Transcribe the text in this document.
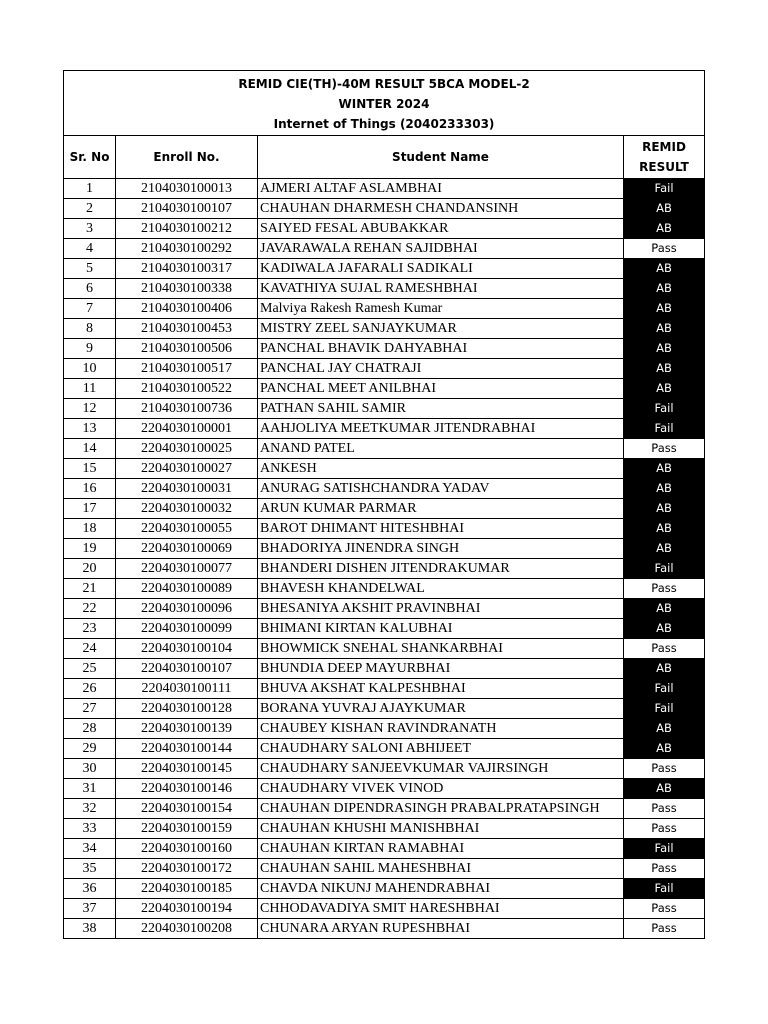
REMID CIE(TH)-40M RESULT 5BCA MODEL-2
WINTER 2024
Internet of Things (2040233303)			

Sr. No	Enroll No.	Student Name	REMID
RESULT

1	2104030100013	AJMERI ALTAF ASLAMBHAI	Fail
2	2104030100107	CHAUHAN DHARMESH CHANDANSINH	AB
3	2104030100212	SAIYED FESAL ABUBAKKAR	AB
4	2104030100292	JAVARAWALA REHAN SAJIDBHAI	Pass
5	2104030100317	KADIWALA JAFARALI SADIKALI	AB
6	2104030100338	KAVATHIYA SUJAL RAMESHBHAI	AB
7	2104030100406	Malviya Rakesh Ramesh Kumar	AB
8	2104030100453	MISTRY ZEEL SANJAYKUMAR	AB
9	2104030100506	PANCHAL BHAVIK DAHYABHAI	AB
10	2104030100517	PANCHAL JAY CHATRAJI	AB
11	2104030100522	PANCHAL MEET ANILBHAI	AB
12	2104030100736	PATHAN SAHIL SAMIR	Fail
13	2204030100001	AAHJOLIYA MEETKUMAR JITENDRABHAI	Fail
14	2204030100025	ANAND PATEL	Pass
15	2204030100027	ANKESH	AB
16	2204030100031	ANURAG SATISHCHANDRA YADAV	AB
17	2204030100032	ARUN KUMAR PARMAR	AB
18	2204030100055	BAROT DHIMANT HITESHBHAI	AB
19	2204030100069	BHADORIYA JINENDRA SINGH	AB
20	2204030100077	BHANDERI DISHEN JITENDRAKUMAR	Fail
21	2204030100089	BHAVESH KHANDELWAL	Pass
22	2204030100096	BHESANIYA AKSHIT PRAVINBHAI	AB
23	2204030100099	BHIMANI KIRTAN KALUBHAI	AB
24	2204030100104	BHOWMICK SNEHAL SHANKARBHAI	Pass
25	2204030100107	BHUNDIA DEEP MAYURBHAI	AB
26	2204030100111	BHUVA AKSHAT KALPESHBHAI	Fail
27	2204030100128	BORANA YUVRAJ AJAYKUMAR	Fail
28	2204030100139	CHAUBEY KISHAN RAVINDRANATH	AB
29	2204030100144	CHAUDHARY SALONI ABHIJEET	AB
30	2204030100145	CHAUDHARY SANJEEVKUMAR VAJIRSINGH	Pass
31	2204030100146	CHAUDHARY VIVEK VINOD	AB
32	2204030100154	CHAUHAN DIPENDRASINGH PRABALPRATAPSINGH	Pass
33	2204030100159	CHAUHAN KHUSHI MANISHBHAI	Pass
34	2204030100160	CHAUHAN KIRTAN RAMABHAI	Fail
35	2204030100172	CHAUHAN SAHIL MAHESHBHAI	Pass
36	2204030100185	CHAVDA NIKUNJ MAHENDRABHAI	Fail
37	2204030100194	CHHODAVADIYA SMIT HARESHBHAI	Pass
38	2204030100208	CHUNARA ARYAN RUPESHBHAI	Pass
